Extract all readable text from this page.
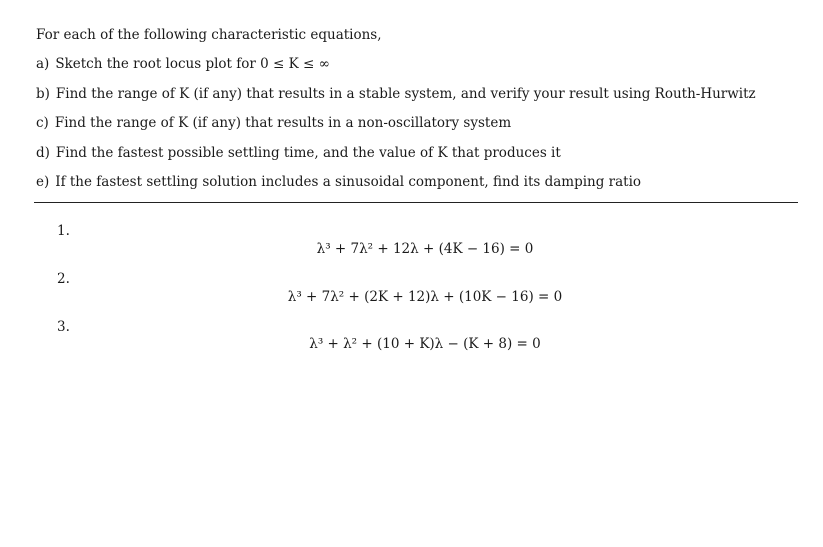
For each of the following characteristic equations,
a) Sketch the root locus plot for 0 ≤ K ≤ ∞
b) Find the range of K (if any) that results in a stable system, and verify your result using Routh-Hurwitz
c) Find the range of K (if any) that results in a non-oscillatory system
d) Find the fastest possible settling time, and the value of K that produces it
e) If the fastest settling solution includes a sinusoidal component, find its damping ratio
1.
λ³ + 7λ² + 12λ + (4K − 16) = 0
2.
λ³ + 7λ² + (2K + 12)λ + (10K − 16) = 0
3.
λ³ + λ² + (10 + K)λ − (K + 8) = 0
